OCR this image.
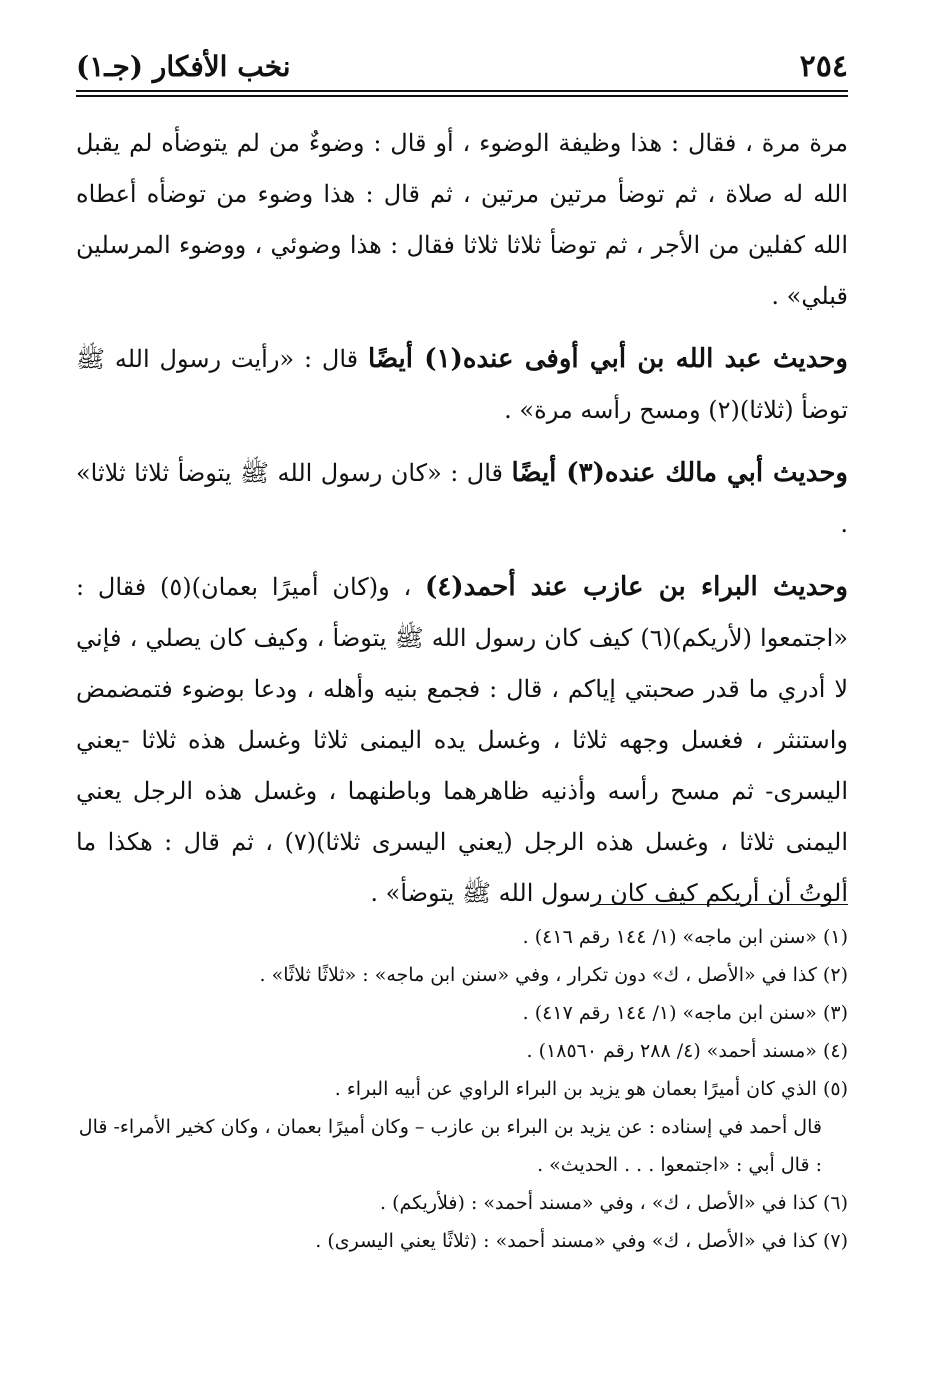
٢٥٤
نخب الأفكار (جـ١)

مرة مرة ، فقال : هذا وظيفة الوضوء ، أو قال : وضوءٌ من لم يتوضأه لم يقبل الله له صلاة ، ثم توضأ مرتين مرتين ، ثم قال : هذا وضوء من توضأه أعطاه الله كفلين من الأجر ، ثم توضأ ثلاثا ثلاثا فقال : هذا وضوئي ، ووضوء المرسلين قبلي» .

وحديث عبد الله بن أبي أوفى عنده(١) أيضًا قال : «رأيت رسول الله ﷺ توضأ (ثلاثا)(٢) ومسح رأسه مرة» .

وحديث أبي مالك عنده(٣) أيضًا قال : «كان رسول الله ﷺ يتوضأ ثلاثا ثلاثا» .

وحديث البراء بن عازب عند أحمد(٤) ، و(كان أميرًا بعمان)(٥) فقال : «اجتمعوا (لأريكم)(٦) كيف كان رسول الله ﷺ يتوضأ ، وكيف كان يصلي ، فإني لا أدري ما قدر صحبتي إياكم ، قال : فجمع بنيه وأهله ، ودعا بوضوء فتمضمض واستنثر ، فغسل وجهه ثلاثا ، وغسل يده اليمنى ثلاثا وغسل هذه ثلاثا -يعني اليسرى- ثم مسح رأسه وأذنيه ظاهرهما وباطنهما ، وغسل هذه الرجل يعني اليمنى ثلاثا ، وغسل هذه الرجل (يعني اليسرى ثلاثا)(٧) ، ثم قال : هكذا ما ألوتُ أن أريكم كيف كان رسول الله ﷺ يتوضأ» .

(١) «سنن ابن ماجه» (١/ ١٤٤ رقم ٤١٦) .

(٢) كذا في «الأصل ، ك» دون تكرار ، وفي «سنن ابن ماجه» : «ثلاثًا ثلاثًا» .

(٣) «سنن ابن ماجه» (١/ ١٤٤ رقم ٤١٧) .

(٤) «مسند أحمد» (٤/ ٢٨٨ رقم ١٨٥٦٠) .

(٥) الذي كان أميرًا بعمان هو يزيد بن البراء الراوي عن أبيه البراء .

قال أحمد في إسناده : عن يزيد بن البراء بن عازب – وكان أميرًا بعمان ، وكان كخير الأمراء- قال : قال أبي : «اجتمعوا . . . الحديث» .

(٦) كذا في «الأصل ، ك» ، وفي «مسند أحمد» : (فلأريكم) .

(٧) كذا في «الأصل ، ك» وفي «مسند أحمد» : (ثلاثًا يعني اليسرى) .
